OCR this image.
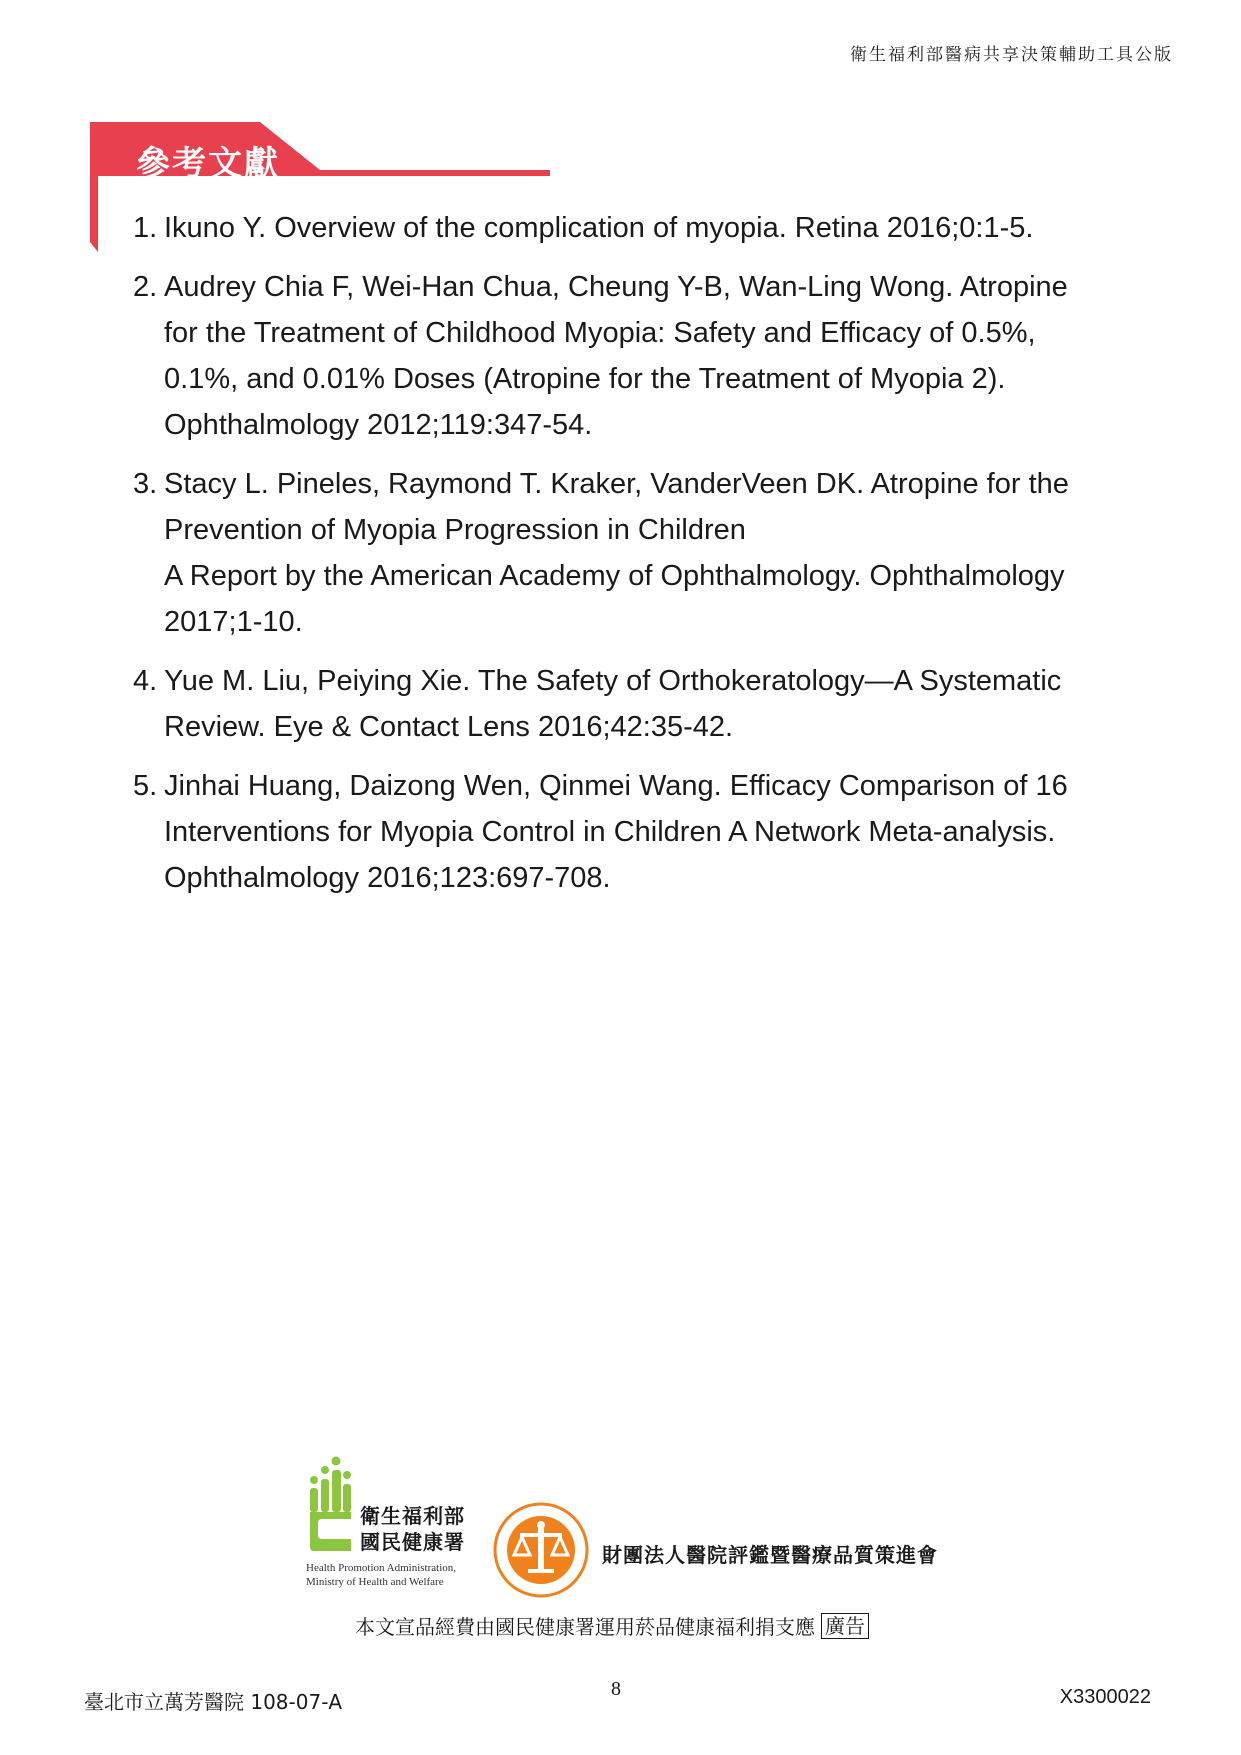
衛生福利部醫病共享決策輔助工具公版
參考文獻
1. Ikuno Y. Overview of the complication of myopia. Retina 2016;0:1-5.
2. Audrey Chia F, Wei-Han Chua, Cheung Y-B, Wan-Ling Wong. Atropine
for the Treatment of Childhood Myopia: Safety and Efficacy of 0.5%,
0.1%, and 0.01% Doses (Atropine for the Treatment of Myopia 2).
Ophthalmology 2012;119:347-54.
3. Stacy L. Pineles, Raymond T. Kraker, VanderVeen DK. Atropine for the
Prevention of Myopia Progression in Children
A Report by the American Academy of Ophthalmology. Ophthalmology
2017;1-10.
4. Yue M. Liu, Peiying Xie. The Safety of Orthokeratology—A Systematic
Review. Eye & Contact Lens 2016;42:35-42.
5. Jinhai Huang, Daizong Wen, Qinmei Wang. Efficacy Comparison of 16
Interventions for Myopia Control in Children A Network Meta-analysis.
Ophthalmology 2016;123:697-708.
衛生福利部
國民健康署
Health Promotion Administration,
Ministry of Health and Welfare
財團法人醫院評鑑暨醫療品質策進會
本文宣品經費由國民健康署運用菸品健康福利捐支應 廣告
臺北市立萬芳醫院 108-07-A
8	X3300022
